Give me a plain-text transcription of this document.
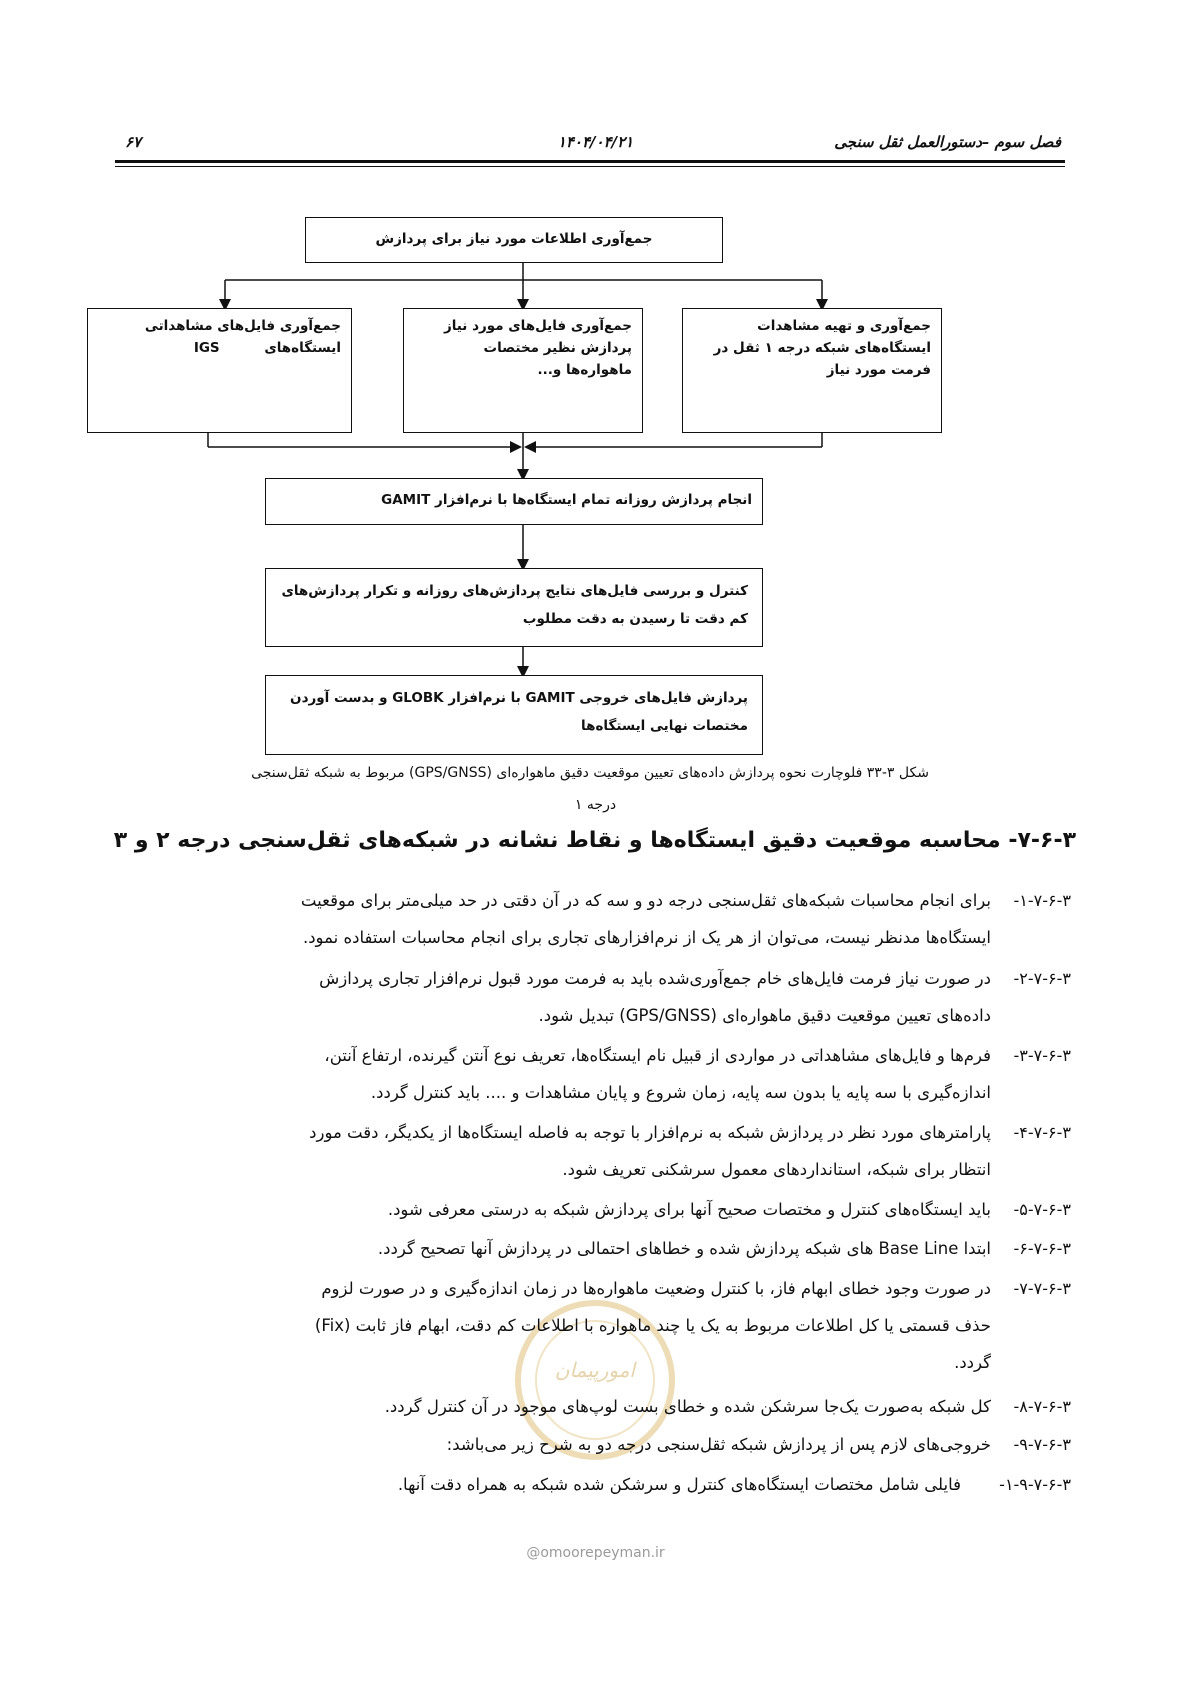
فصل سوم –دستورالعمل ثقل سنجی
۱۴۰۴/۰۴/۲۱
۶۷
جمع‌آوری اطلاعات مورد نیاز برای پردازش
جمع‌آوری و تهیه مشاهدات ایستگاه‌های شبکه درجه ۱ ثقل در فرمت مورد نیاز
جمع‌آوری فایل‌های مورد نیاز پردازش نظیر مختصات ماهواره‌ها و...
جمع‌آوری فایل‌های مشاهداتی
ایستگاه‌های IGS
انجام پردازش روزانه تمام ایستگاه‌ها با نرم‌افزار GAMIT
کنترل و بررسی فایل‌های نتایج پردازش‌های روزانه و تکرار پردازش‌های کم دقت تا رسیدن به دقت مطلوب
پردازش فایل‌های خروجی GAMIT با نرم‌افزار GLOBK و بدست آوردن مختصات نهایی ایستگاه‌ها
شکل ۳-۳۳ فلوچارت نحوه پردازش داده‌های تعیین موقعیت دقیق ماهواره‌ای (GPS/GNSS) مربوط به شبکه ثقل‌سنجی
درجه ۱
۷-۶-۳- محاسبه موقعیت دقیق ایستگاه‌ها و نقاط نشانه در شبکه‌های ثقل‌سنجی درجه ۲ و ۳
امورپیمان
۱-۷-۶-۳-برای انجام محاسبات شبکه‌های ثقل‌سنجی درجه دو و سه که در آن دقتی در حد میلی‌متر برای موقعیت
ایستگاه‌ها مدنظر نیست، می‌توان از هر یک از نرم‌افزارهای تجاری برای انجام محاسبات استفاده نمود.
۲-۷-۶-۳-در صورت نیاز فرمت فایل‌های خام جمع‌آوری‌شده باید به فرمت مورد قبول نرم‌افزار تجاری پردازش
داده‌های تعیین موقعیت دقیق ماهواره‌ای (GPS/GNSS) تبدیل شود.
۳-۷-۶-۳-فرم‌ها و فایل‌های مشاهداتی در مواردی از قبیل نام ایستگاه‌ها، تعریف نوع آنتن گیرنده، ارتفاع آنتن،
اندازه‌گیری با سه پایه یا بدون سه پایه، زمان شروع و پایان مشاهدات و .... باید کنترل گردد.
۴-۷-۶-۳-پارامترهای مورد نظر در پردازش شبکه به نرم‌افزار با توجه به فاصله ایستگاه‌ها از یکدیگر، دقت مورد
انتظار برای شبکه، استانداردهای معمول سرشکنی تعریف شود.
۵-۷-۶-۳-باید ایستگاه‌های کنترل و مختصات صحیح آنها برای پردازش شبکه به درستی معرفی شود.
۶-۷-۶-۳-ابتدا Base Line های شبکه پردازش شده و خطاهای احتمالی در پردازش آنها تصحیح گردد.
۷-۷-۶-۳-در صورت وجود خطای ابهام فاز، با کنترل وضعیت ماهواره‌ها در زمان اندازه‌گیری و در صورت لزوم
حذف قسمتی یا کل اطلاعات مربوط به یک یا چند ماهواره با اطلاعات کم دقت، ابهام فاز ثابت (Fix)
گردد.
۸-۷-۶-۳-کل شبکه به‌صورت یک‌جا سرشکن شده و خطای بست لوپ‌های موجود در آن کنترل گردد.
۹-۷-۶-۳-خروجی‌های لازم پس از پردازش شبکه ثقل‌سنجی درجه دو به شرح زیر می‌باشد:
۱-۹-۷-۶-۳-فایلی شامل مختصات ایستگاه‌های کنترل و سرشکن شده شبکه به همراه دقت آنها.
@omoorepeyman.ir
